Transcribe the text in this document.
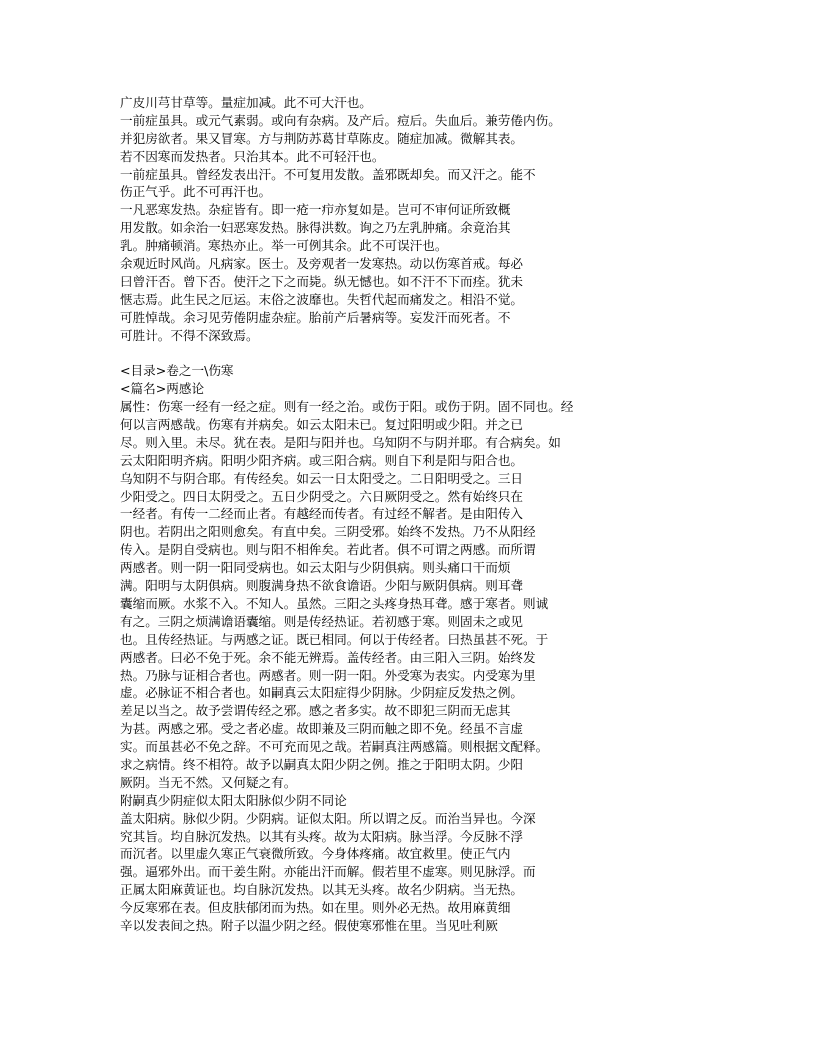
广皮川芎甘草等。量症加减。此不可大汗也。
一前症虽具。或元气素弱。或向有杂病。及产后。痘后。失血后。兼劳倦内伤。
并犯房欲者。果又冒寒。方与荆防苏葛甘草陈皮。随症加减。微解其表。
若不因寒而发热者。只治其本。此不可轻汗也。
一前症虽具。曾经发表出汗。不可复用发散。盖邪既却矣。而又汗之。能不
伤正气乎。此不可再汗也。
一凡恶寒发热。杂症皆有。即一疮一疖亦复如是。岂可不审何证所致概
用发散。如余治一妇恶寒发热。脉得洪数。询之乃左乳肿痛。余竟治其
乳。肿痛顿消。寒热亦止。举一可例其余。此不可误汗也。
余观近时风尚。凡病家。医士。及旁观者一发寒热。动以伤寒首戒。每必
曰曾汗否。曾下否。使汗之下之而毙。纵无憾也。如不汗不下而痊。犹未
惬志焉。此生民之厄运。末俗之波靡也。失哲代起而痛发之。相沿不觉。
可胜悼哉。余习见劳倦阴虚杂症。胎前产后暑病等。妄发汗而死者。不
可胜计。不得不深致焉。
<目录>卷之一\伤寒
<篇名>两感论
属性：伤寒一经有一经之症。则有一经之治。或伤于阳。或伤于阴。固不同也。经
何以言两感哉。伤寒有并病矣。如云太阳未已。复过阳明或少阳。并之已
尽。则入里。未尽。犹在表。是阳与阳并也。乌知阴不与阴并耶。有合病矣。如
云太阳阳明齐病。阳明少阳齐病。或三阳合病。则自下利是阳与阳合也。
乌知阴不与阴合耶。有传经矣。如云一日太阳受之。二日阳明受之。三日
少阳受之。四日太阴受之。五日少阴受之。六日厥阴受之。然有始终只在
一经者。有传一二经而止者。有越经而传者。有过经不解者。是由阳传入
阴也。若阴出之阳则愈矣。有直中矣。三阴受邪。始终不发热。乃不从阳经
传入。是阴自受病也。则与阳不相侔矣。若此者。俱不可谓之两感。而所谓
两感者。则一阴一阳同受病也。如云太阳与少阴俱病。则头痛口干而烦
满。阳明与太阴俱病。则腹满身热不欲食谵语。少阳与厥阴俱病。则耳聋
囊缩而厥。水浆不入。不知人。虽然。三阳之头疼身热耳聋。感于寒者。则诚
有之。三阴之烦满谵语囊缩。则是传经热证。若初感于寒。则固未之或见
也。且传经热证。与两感之证。既已相同。何以于传经者。曰热虽甚不死。于
两感者。曰必不免于死。余不能无辨焉。盖传经者。由三阳入三阴。始终发
热。乃脉与证相合者也。两感者。则一阴一阳。外受寒为表实。内受寒为里
虚。必脉证不相合者也。如嗣真云太阳症得少阴脉。少阴症反发热之例。
差足以当之。故予尝谓传经之邪。感之者多实。故不即犯三阴而无虑其
为甚。两感之邪。受之者必虚。故即兼及三阴而触之即不免。经虽不言虚
实。而虽甚必不免之辞。不可充而见之哉。若嗣真注两感篇。则根据文配释。
求之病情。终不相符。故予以嗣真太阳少阴之例。推之于阳明太阴。少阳
厥阴。当无不然。又何疑之有。
附嗣真少阴症似太阳太阳脉似少阴不同论
盖太阳病。脉似少阴。少阴病。证似太阳。所以谓之反。而治当异也。今深
究其旨。均自脉沉发热。以其有头疼。故为太阳病。脉当浮。今反脉不浮
而沉者。以里虚久寒正气衰微所致。今身体疼痛。故宜救里。使正气内
强。逼邪外出。而干姜生附。亦能出汗而解。假若里不虚寒。则见脉浮。而
正属太阳麻黄证也。均自脉沉发热。以其无头疼。故名少阴病。当无热。
今反寒邪在表。但皮肤郁闭而为热。如在里。则外必无热。故用麻黄细
辛以发表间之热。附子以温少阴之经。假使寒邪惟在里。当见吐利厥
